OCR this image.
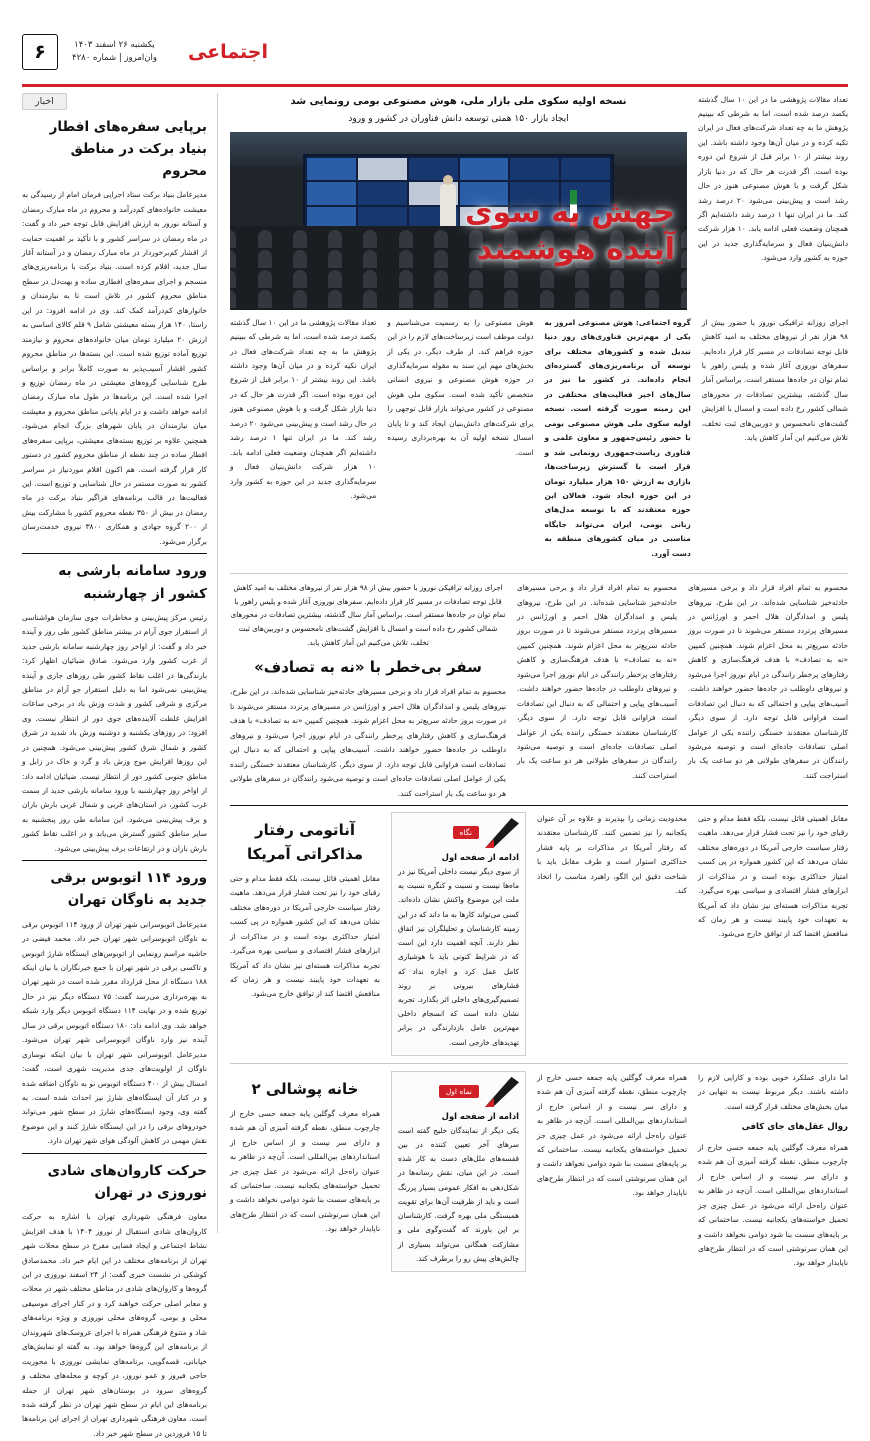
اجتماعی
یکشنبه ۲۶ اسفند ۱۴۰۳
وان‌امروز | شماره ۴۲۸۰
۶

تعداد مقالات پژوهشی ما در این ۱۰ سال گذشته یکصد درصد شده است، اما به شرطی که ببینیم پژوهش ما به چه تعداد شرکت‌های فعال در ایران تکیه کرده و در میان آن‌ها وجود داشته باشد. این روند بیشتر از ۱۰ برابر قبل از شروع این دوره بوده است. اگر قدرت هر حال که در دنیا بازار شکل گرفت و با هوش مصنوعی هنوز در حال رشد است و پیش‌بینی می‌شود ۲۰ درصد رشد کند. ما در ایران تنها ۱ درصد رشد داشته‌ایم اگر همچنان وضعیت فعلی ادامه یابد. ۱۰ هزار شرکت دانش‌بنیان فعال و سرمایه‌گذاری جدید در این حوزه به کشور وارد می‌شود.

نسخه اولیه سکوی ملی بازار ملی، هوش مصنوعی بومی رونمایی شد
ایجاد بازار ۱۵۰ همتی توسعه دانش فناوران در کشور و ورود
جهش به سوی
آینده هوشمند

اجرای روزانه ترافیکی نوروز با حضور بیش از ۹۸ هزار نفر از نیروهای مختلف به امید کاهش قابل توجه تصادفات در مسیر کار قرار داده‌ایم. سفرهای نوروزی آغاز شده و پلیس راهور با تمام توان در جاده‌ها مستقر است. براساس آمار سال گذشته، بیشترین تصادفات در محورهای شمالی کشور رخ داده است و امسال با افزایش گشت‌های نامحسوس و دوربین‌های ثبت تخلف، تلاش می‌کنیم این آمار کاهش یابد.

گروه اجتماعی: هوش مصنوعی امروز به یکی از مهم‌ترین فناوری‌های روز دنیا تبدیل شده و کشورهای مختلف برای توسعه آن برنامه‌ریزی‌های گسترده‌ای انجام داده‌اند. در کشور ما نیز در سال‌های اخیر فعالیت‌های مختلفی در این زمینه صورت گرفته است. نسخه اولیه سکوی ملی هوش مصنوعی بومی با حضور رئیس‌جمهور و معاون علمی و فناوری ریاست‌جمهوری رونمایی شد و قرار است با گسترش زیرساخت‌ها، بازاری به ارزش ۱۵۰ هزار میلیارد تومان در این حوزه ایجاد شود. فعالان این حوزه معتقدند که با توسعه مدل‌های زبانی بومی، ایران می‌تواند جایگاه مناسبی در میان کشورهای منطقه به دست آورد.

هوش مصنوعی را به رسمیت می‌شناسیم و دولت موظف است زیرساخت‌های لازم را در این حوزه فراهم کند. از طرف دیگر، در یکی از بخش‌های مهم این سند به مقوله سرمایه‌گذاری در حوزه هوش مصنوعی و نیروی انسانی متخصص تأکید شده است. سکوی ملی هوش مصنوعی در کشور می‌تواند بازار قابل توجهی را برای شرکت‌های دانش‌بنیان ایجاد کند و تا پایان امسال نسخه اولیه آن به بهره‌برداری رسیده است.

تعداد مقالات پژوهشی ما در این ۱۰ سال گذشته یکصد درصد شده است، اما به شرطی که ببینیم پژوهش ما به چه تعداد شرکت‌های فعال در ایران تکیه کرده و در میان آن‌ها وجود داشته باشد. این روند بیشتر از ۱۰ برابر قبل از شروع این دوره بوده است. اگر قدرت هر حال که در دنیا بازار شکل گرفت و با هوش مصنوعی هنوز در حال رشد است و پیش‌بینی می‌شود ۲۰ درصد رشد کند. ما در ایران تنها ۱ درصد رشد داشته‌ایم اگر همچنان وضعیت فعلی ادامه یابد. ۱۰ هزار شرکت دانش‌بنیان فعال و سرمایه‌گذاری جدید در این حوزه به کشور وارد می‌شود.

محسوم به تمام افراد قرار داد و برخی مسیرهای حادثه‌خیز شناسایی شده‌اند. در این طرح، نیروهای پلیس و امدادگران هلال احمر و اورژانس در مسیرهای پرتردد مستقر می‌شوند تا در صورت بروز حادثه سریع‌تر به محل اعزام شوند. همچنین کمپین «نه به تصادف» با هدف فرهنگ‌سازی و کاهش رفتارهای پرخطر رانندگی در ایام نوروز اجرا می‌شود و نیروهای داوطلب در جاده‌ها حضور خواهند داشت. آسیب‌های پیاپی و احتمالی که به دنبال این تصادفات است فراوانی قابل توجه دارد. از سوی دیگر، کارشناسان معتقدند خستگی راننده یکی از عوامل اصلی تصادفات جاده‌ای است و توصیه می‌شود رانندگان در سفرهای طولانی هر دو ساعت یک بار استراحت کنند.

محسوم به تمام افراد قرار داد و برخی مسیرهای حادثه‌خیز شناسایی شده‌اند. در این طرح، نیروهای پلیس و امدادگران هلال احمر و اورژانس در مسیرهای پرتردد مستقر می‌شوند تا در صورت بروز حادثه سریع‌تر به محل اعزام شوند. همچنین کمپین «نه به تصادف» با هدف فرهنگ‌سازی و کاهش رفتارهای پرخطر رانندگی در ایام نوروز اجرا می‌شود و نیروهای داوطلب در جاده‌ها حضور خواهند داشت. آسیب‌های پیاپی و احتمالی که به دنبال این تصادفات است فراوانی قابل توجه دارد. از سوی دیگر، کارشناسان معتقدند خستگی راننده یکی از عوامل اصلی تصادفات جاده‌ای است و توصیه می‌شود رانندگان در سفرهای طولانی هر دو ساعت یک بار استراحت کنند.

اجرای روزانه ترافیکی نوروز با حضور بیش از ۹۸ هزار نفر از نیروهای مختلف به امید کاهش قابل توجه تصادفات در مسیر کار قرار داده‌ایم. سفرهای نوروزی آغاز شده و پلیس راهور با تمام توان در جاده‌ها مستقر است. براساس آمار سال گذشته، بیشترین تصادفات در محورهای شمالی کشور رخ داده است و امسال با افزایش گشت‌های نامحسوس و دوربین‌های ثبت تخلف، تلاش می‌کنیم این آمار کاهش یابد.
سفر بی‌خطر با «نه به تصادف»
محسوم به تمام افراد قرار داد و برخی مسیرهای حادثه‌خیز شناسایی شده‌اند. در این طرح، نیروهای پلیس و امدادگران هلال احمر و اورژانس در مسیرهای پرتردد مستقر می‌شوند تا در صورت بروز حادثه سریع‌تر به محل اعزام شوند. همچنین کمپین «نه به تصادف» با هدف فرهنگ‌سازی و کاهش رفتارهای پرخطر رانندگی در ایام نوروز اجرا می‌شود و نیروهای داوطلب در جاده‌ها حضور خواهند داشت. آسیب‌های پیاپی و احتمالی که به دنبال این تصادفات است فراوانی قابل توجه دارد. از سوی دیگر، کارشناسان معتقدند خستگی راننده یکی از عوامل اصلی تصادفات جاده‌ای است و توصیه می‌شود رانندگان در سفرهای طولانی هر دو ساعت یک بار استراحت کنند.

مقابل اهمیتی قائل نیست، بلکه فقط مدام و حتی رقبای خود را نیز تحت فشار قرار می‌دهد. ماهیت رفتار سیاست خارجی آمریکا در دوره‌های مختلف نشان می‌دهد که این کشور همواره در پی کسب امتیاز حداکثری بوده است و در مذاکرات از ابزارهای فشار اقتصادی و سیاسی بهره می‌گیرد. تجربه مذاکرات هسته‌ای نیز نشان داد که آمریکا به تعهدات خود پایبند نیست و هر زمان که منافعش اقتضا کند از توافق خارج می‌شود.

محدودیت زمانی را بپذیرند و علاوه بر آن عنوان یکجانبه را نیز تضمین کنند. کارشناسان معتقدند که رفتار آمریکا در مذاکرات بر پایه فشار حداکثری استوار است و طرف مقابل باید با شناخت دقیق این الگو، راهبرد مناسب را اتخاذ کند.

نگاه
ادامه از صفحه اول
از سوی دیگر نیست داخلی آمریکا نیز در ماه‌ها نیست و نسبت و کنگره نسبت به ملت این موضوع واکنش نشان داده‌اند. کسی می‌تواند کارها به ما داند که در این زمینه کارشناسان و تحلیلگران نیز اتفاق نظر دارند. آنچه اهمیت دارد این است که در شرایط کنونی باید با هوشیاری کامل عمل کرد و اجازه نداد که فشارهای بیرونی بر روند تصمیم‌گیری‌های داخلی اثر بگذارد. تجربه نشان داده است که انسجام داخلی مهم‌ترین عامل بازدارندگی در برابر تهدیدهای خارجی است.
آناتومی رفتار مذاکراتی آمریکا
مقابل اهمیتی قائل نیست، بلکه فقط مدام و حتی رقبای خود را نیز تحت فشار قرار می‌دهد. ماهیت رفتار سیاست خارجی آمریکا در دوره‌های مختلف نشان می‌دهد که این کشور همواره در پی کسب امتیاز حداکثری بوده است و در مذاکرات از ابزارهای فشار اقتصادی و سیاسی بهره می‌گیرد. تجربه مذاکرات هسته‌ای نیز نشان داد که آمریکا به تعهدات خود پایبند نیست و هر زمان که منافعش اقتضا کند از توافق خارج می‌شود.

اما دارای عملکرد خوبی بوده و کارایی لازم را داشته باشند. دیگر مربوط نیست به تنهایی در میان بخش‌های مختلف قرار گرفته است.

روال عقل‌های جای کافی

همراه معرف گوگلین پایه جمعه حسی خارج از چارچوب منطق، نقطه گرفته آمیزی آن هم شده و دارای سر نیست و از اساس خارج از استانداردهای بین‌المللی است. آن‌چه در ظاهر به عنوان راه‌حل ارائه می‌شود در عمل چیزی جز تحمیل خواسته‌های یکجانبه نیست. ساختمانی که بر پایه‌های سست بنا شود دوامی نخواهد داشت و این همان سرنوشتی است که در انتظار طرح‌های ناپایدار خواهد بود.

همراه معرف گوگلین پایه جمعه حسی خارج از چارچوب منطق، نقطه گرفته آمیزی آن هم شده و دارای سر نیست و از اساس خارج از استانداردهای بین‌المللی است. آن‌چه در ظاهر به عنوان راه‌حل ارائه می‌شود در عمل چیزی جز تحمیل خواسته‌های یکجانبه نیست. ساختمانی که بر پایه‌های سست بنا شود دوامی نخواهد داشت و این همان سرنوشتی است که در انتظار طرح‌های ناپایدار خواهد بود.

نما‌ه اول
ادامه از صفحه اول
یکی دیگر از نمایندگان خلیج گفته است سرهای آخر تعیین کننده در بین قفسه‌های ملل‌های دست به کار شده است. در این میان، نقش رسانه‌ها در شکل‌دهی به افکار عمومی بسیار پررنگ است و باید از ظرفیت آن‌ها برای تقویت همبستگی ملی بهره گرفت. کارشناسان بر این باورند که گفت‌وگوی ملی و مشارکت همگانی می‌تواند بسیاری از چالش‌های پیش رو را برطرف کند.
خانه پوشالی ۲
همراه معرف گوگلین پایه جمعه حسی خارج از چارچوب منطق، نقطه گرفته آمیزی آن هم شده و دارای سر نیست و از اساس خارج از استانداردهای بین‌المللی است. آن‌چه در ظاهر به عنوان راه‌حل ارائه می‌شود در عمل چیزی جز تحمیل خواسته‌های یکجانبه نیست. ساختمانی که بر پایه‌های سست بنا شود دوامی نخواهد داشت و این همان سرنوشتی است که در انتظار طرح‌های ناپایدار خواهد بود.
اخبار
برپایی سفره‌های افطار بنیاد برکت در مناطق محروم
مدیرعامل بنیاد برکت ستاد اجرایی فرمان امام از رسیدگی به معیشت خانواده‌های کم‌درآمد و محروم در ماه مبارک رمضان و آستانه نوروز به ارزش افزایش قابل توجه خبر داد و گفت: در ماه رمضان در سراسر کشور و با تأکید بر اهمیت حمایت از اقشار کم‌برخوردار در ماه مبارک رمضان و در آستانه آغاز سال جدید، اقلام کرده است. بنیاد برکت با برنامه‌ریزی‌های منسجم و اجرای سفره‌های افطاری ساده و بهت‌دل در سطح مناطق محروم کشور در تلاش است تا به نیازمندان و خانوارهای کم‌درآمد کمک کند. وی در ادامه افزود: در این راستا، ۱۴۰ هزار بسته معیشتی شامل ۹ قلم کالای اساسی به ارزش ۲۰ میلیارد تومان میان خانواده‌های محروم و نیازمند توزیع آماده توزیع شده است. این بسته‌ها در مناطق محروم کشور اقشار آسیب‌پذیر به صورت کاملاً برابر و براساس طرح شناسایی گروه‌های معیشتی در ماه رمضان توزیع و اجرا شده است. این برنامه‌ها در طول ماه مبارک رمضان ادامه خواهد داشت و در ایام پایانی مناطق محروم و معیشت میان نیازمندان در پایان شهرهای بزرگ انجام می‌شود. همچنین علاوه بر توزیع بسته‌های معیشتی، برپایی سفره‌های افطار ساده در چند نقطه از مناطق محروم کشور در دستور کار قرار گرفته است. هم اکنون اقلام موردنیاز در سراسر کشور به صورت مستمر در حال شناسایی و توزیع است. این فعالیت‌ها در قالب برنامه‌های فراگیر بنیاد برکت در ماه رمضان در بیش از ۳۵۰ نقطه محروم کشور با مشارکت بیش از ۲۰۰ گروه جهادی و همکاری ۳۸۰۰ نیروی خدمت‌رسان برگزار می‌شود.
ورود سامانه بارشی به کشور از چهارشنبه
رئیس مرکز پیش‌بینی و مخاطرات جوی سازمان هواشناسی از استقرار جوی آرام در بیشتر مناطق کشور طی روز و آینده خبر داد و گفت: از اواخر روز چهارشنبه سامانه بارشی جدید از غرب کشور وارد می‌شود. صادق ضیائیان اظهار کرد: بارندگی‌ها در اغلب نقاط کشور طی روزهای جاری و آینده پیش‌بینی نمی‌شود اما به دلیل استقرار جو آرام در مناطق مرکزی و شرقی کشور و شدت وزش باد در برخی ساعات افزایش غلظت آلاینده‌های جوی دور از انتظار نیست. وی افزود: در روزهای یکشنبه و دوشنبه وزش باد شدید در شرق کشور و شمال شرق کشور پیش‌بینی می‌شود. همچنین در این روزها افزایش موج وزش باد و گرد و خاک در زابل و مناطق جنوبی کشور دور از انتظار نیست. ضیائیان ادامه داد: از اواخر روز چهارشنبه با ورود سامانه بارشی جدید از سمت غرب کشور، در استان‌های غربی و شمال غربی بارش باران و برف پیش‌بینی می‌شود. این سامانه طی روز پنجشنبه به سایر مناطق کشور گسترش می‌یابد و در اغلب نقاط کشور بارش باران و در ارتفاعات برف پیش‌بینی می‌شود.
ورود ۱۱۴ اتوبوس برقی جدید به ناوگان تهران
مدیرعامل اتوبوسرانی شهر تهران از ورود ۱۱۴ اتوبوس برقی به ناوگان اتوبوسرانی شهر تهران خبر داد. محمد فیضی در حاشیه مراسم رونمایی از اتوبوس‌های ایستگاه شارژ اتوبوس و تاکسی برقی در شهر تهران با جمع خبرنگاران با بیان اینکه ۱۸۸ دستگاه از محل قرارداد مقرر شده است در شهر تهران به بهره‌برداری می‌رسد گفت: ۷۵ دستگاه دیگر نیز در حال توزیع شده و در نهایت ۱۱۴ دستگاه اتوبوس دیگر وارد شبکه خواهد شد. وی ادامه داد: ۱۸۰ دستگاه اتوبوس برقی در سال آینده نیز وارد ناوگان اتوبوسرانی شهر تهران می‌شود. مدیرعامل اتوبوسرانی شهر تهران با بیان اینکه نوسازی ناوگان از اولویت‌های جدی مدیریت شهری است، گفت: امسال بیش از ۴۰۰ دستگاه اتوبوس نو به ناوگان اضافه شده و در کنار آن ایستگاه‌های شارژ نیز احداث شده است. به گفته وی، وجود ایستگاه‌های شارژ در سطح شهر می‌تواند خودروهای برقی را در این ایستگاه شارژ کنند و این موضوع نقش مهمی در کاهش آلودگی هوای شهر تهران دارد.
حرکت کاروان‌های شادی نوروزی در تهران
معاون فرهنگی شهرداری تهران با اشاره به حرکت کاروان‌های شادی استقبال از نوروز ۱۴۰۴ با هدف افزایش نشاط اجتماعی و ایجاد فضایی مفرح در سطح محلات شهر تهران از برنامه‌های مختلف در این ایام خبر داد. محمدصادق کوشکی در نشست خبری گفت: از ۲۴ اسفند نوروزی در این گروه‌ها و کاروان‌های شادی در مناطق مختلف شهر در محلات و معابر اصلی حرکت خواهند کرد و در کنار اجرای موسیقی محلی و بومی، گروه‌های محلی نوروزی و ویژه برنامه‌های شاد و متنوع فرهنگی همراه با اجرای عروسک‌های شهروندان از برنامه‌های این گروه‌ها خواهد بود. به گفته او نمایش‌های خیابانی، قصه‌گویی، برنامه‌های نمایشی نوروزی با محوریت حاجی فیروز و عمو نوروز، در کوچه و محله‌های مختلف و گروه‌های سرود در بوستان‌های شهر تهران از جمله برنامه‌های این ایام در سطح شهر تهران در نظر گرفته شده است. معاون فرهنگی شهرداری تهران از اجرای این برنامه‌ها تا ۱۵ فروردین در سطح شهر خبر داد.
